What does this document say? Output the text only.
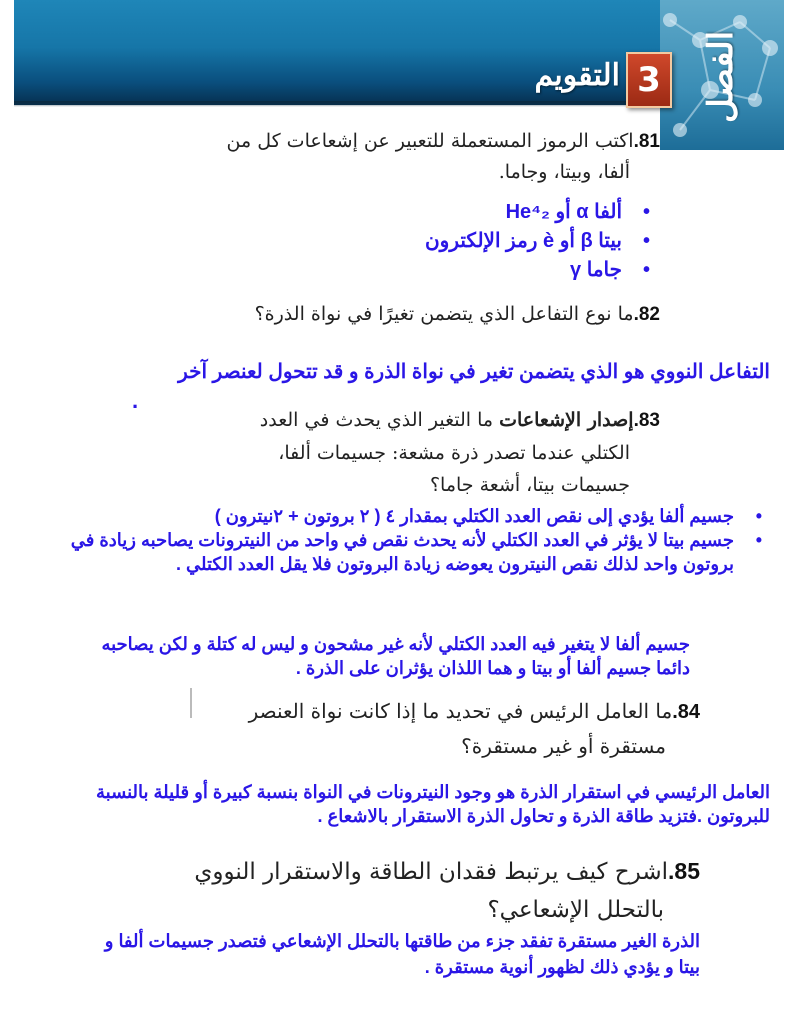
الفصل
3
التقويم
81.اكتب الرموز المستعملة للتعبير عن إشعاعات كل من
ألفا، وبيتا، وجاما.
• ألفا α أو He⁴₂
• بيتا β أو è رمز الإلكترون
• جاما γ
82.ما نوع التفاعل الذي يتضمن تغيرًا في نواة الذرة؟
التفاعل النووي هو الذي يتضمن تغير في نواة الذرة و قد تتحول لعنصر آخر
.
83.إصدار الإشعاعات ما التغير الذي يحدث في العدد
الكتلي عندما تصدر ذرة مشعة: جسيمات ألفا،
جسيمات بيتا، أشعة جاما؟
• جسيم ألفا يؤدي إلى نقص العدد الكتلي بمقدار ٤ ( ٢ بروتون + ٢نيترون )
• جسيم بيتا لا يؤثر في العدد الكتلي لأنه يحدث نقص في واحد من النيترونات يصاحبه زيادة في بروتون واحد لذلك نقص النيترون يعوضه زيادة البروتون فلا يقل العدد الكتلي .
جسيم ألفا لا يتغير فيه العدد الكتلي لأنه غير مشحون و ليس له كتلة و لكن يصاحبه دائما جسيم ألفا أو بيتا و هما اللذان يؤثران على الذرة .
84.ما العامل الرئيس في تحديد ما إذا كانت نواة العنصر
مستقرة أو غير مستقرة؟
العامل الرئيسي في استقرار الذرة هو وجود النيترونات في النواة بنسبة كبيرة أو قليلة بالنسبة للبروتون .فتزيد طاقة الذرة و تحاول الذرة الاستقرار بالاشعاع .
85.اشرح كيف يرتبط فقدان الطاقة والاستقرار النووي
بالتحلل الإشعاعي؟
الذرة الغير مستقرة تفقد جزء من طاقتها بالتحلل الإشعاعي فتصدر جسيمات ألفا و بيتا و يؤدي ذلك لظهور أنوية مستقرة .
